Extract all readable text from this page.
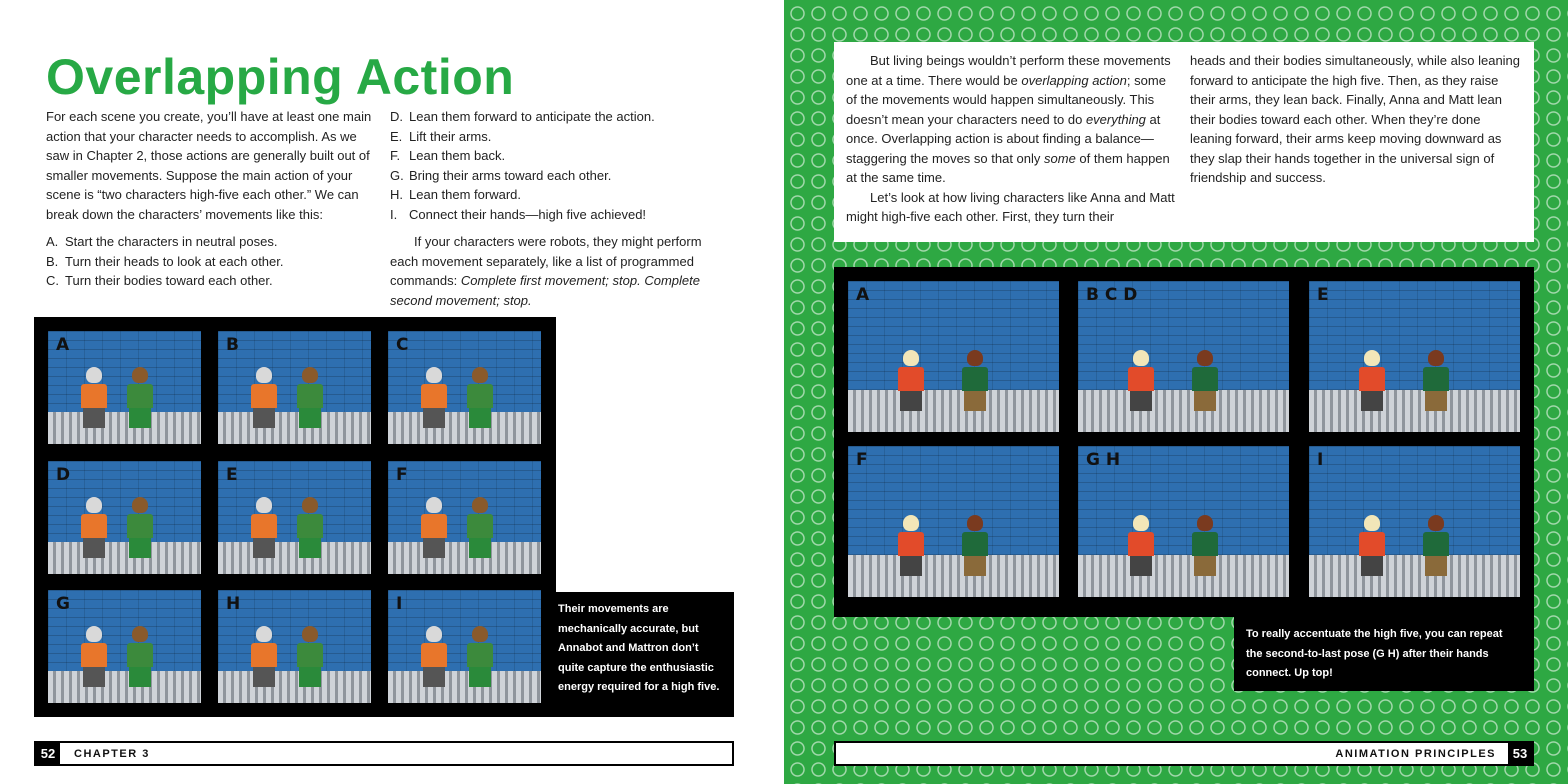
Overlapping Action

For each scene you create, you’ll have at least one main action that your character needs to accomplish. As we saw in Chapter 2, those actions are generally built out of smaller movements. Suppose the main action of your scene is “two characters high-five each other.” We can break down the characters’ movements like this:

A. Start the characters in neutral poses.
B. Turn their heads to look at each other.
C. Turn their bodies toward each other.
D. Lean them forward to anticipate the action.
E. Lift their arms.
F. Lean them back.
G. Bring their arms toward each other.
H. Lean them forward.
I. Connect their hands—high five achieved!

If your characters were robots, they might perform each movement separately, like a list of programmed commands: Complete first movement; stop. Complete second movement; stop.

A	B	C
D	E	F
G	H	I	Their movements are mechanically accurate, but Annabot and Mattron don’t quite capture the enthusiastic energy required for a high five.
52	CHAPTER 3

But living beings wouldn’t perform these movements one at a time. There would be overlapping action; some of the movements would happen simultaneously. This doesn’t mean your characters need to do everything at once. Overlapping action is about finding a balance—staggering the moves so that only some of them happen at the same time.

Let’s look at how living characters like Anna and Matt might high-five each other. First, they turn their

heads and their bodies simultaneously, while also leaning forward to anticipate the high five. Then, as they raise their arms, they lean back. Finally, Anna and Matt lean their bodies toward each other. When they’re done leaning forward, their arms keep moving downward as they slap their hands together in the universal sign of friendship and success.

A	B C D	E
F	G H	I
To really accentuate the high five, you can repeat the second-to-last pose (G H) after their hands connect. Up top!
ANIMATION PRINCIPLES	53
